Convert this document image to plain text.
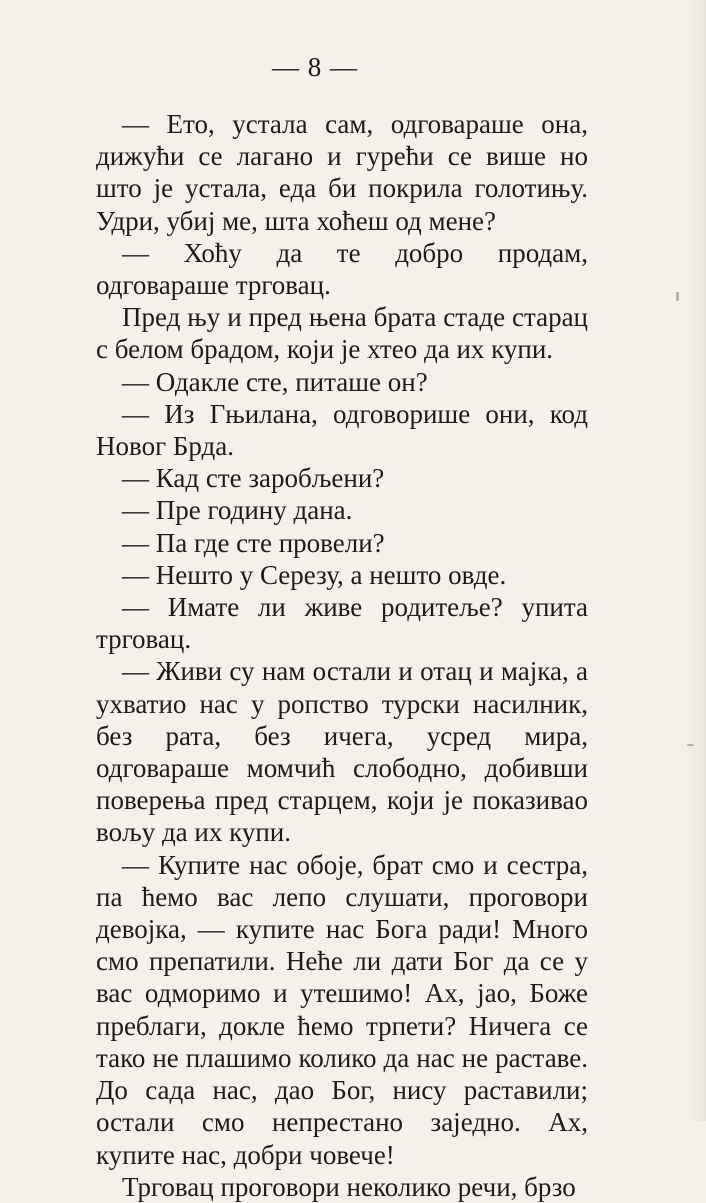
— 8 —

— Ето, устала сам, одговараше она, дижући се лагано и гурећи се више но што је устала, еда би покрила голотињу. Удри, убиј ме, шта хоћеш од мене?

— Хоћу да те добро продам, одговараше трговац.

Пред њу и пред њена брата стаде старац с белом брадом, који је хтео да их купи.

— Одакле сте, питаше он?

— Из Гњилана, одговорише они, код Новог Брда.

— Кад сте заробљени?

— Пре годину дана.

— Па где сте провели?

— Нешто у Серезу, а нешто овде.

— Имате ли живе родитеље? упита трговац.

— Живи су нам остали и отац и мајка, а ухватио нас у ропство турски насилник, без рата, без ичега, усред мира, одговараше момчић слободно, добивши поверења пред старцем, који је показивао вољу да их купи.

— Купите нас обоје, брат смо и сестра, па ћемо вас лепо слушати, проговори девојка, — купите нас Бога ради! Много смо препатили. Неће ли дати Бог да се у вас одморимо и утешимо! Ах, јао, Боже преблаги, докле ћемо трпети? Ничега се тако не плашимо колико да нас не раставе. До сада нас, дао Бог, нису раставили; остали смо непрестано заједно. Ах, купите нас, добри човече!

Трговац проговори неколико речи, брзо
